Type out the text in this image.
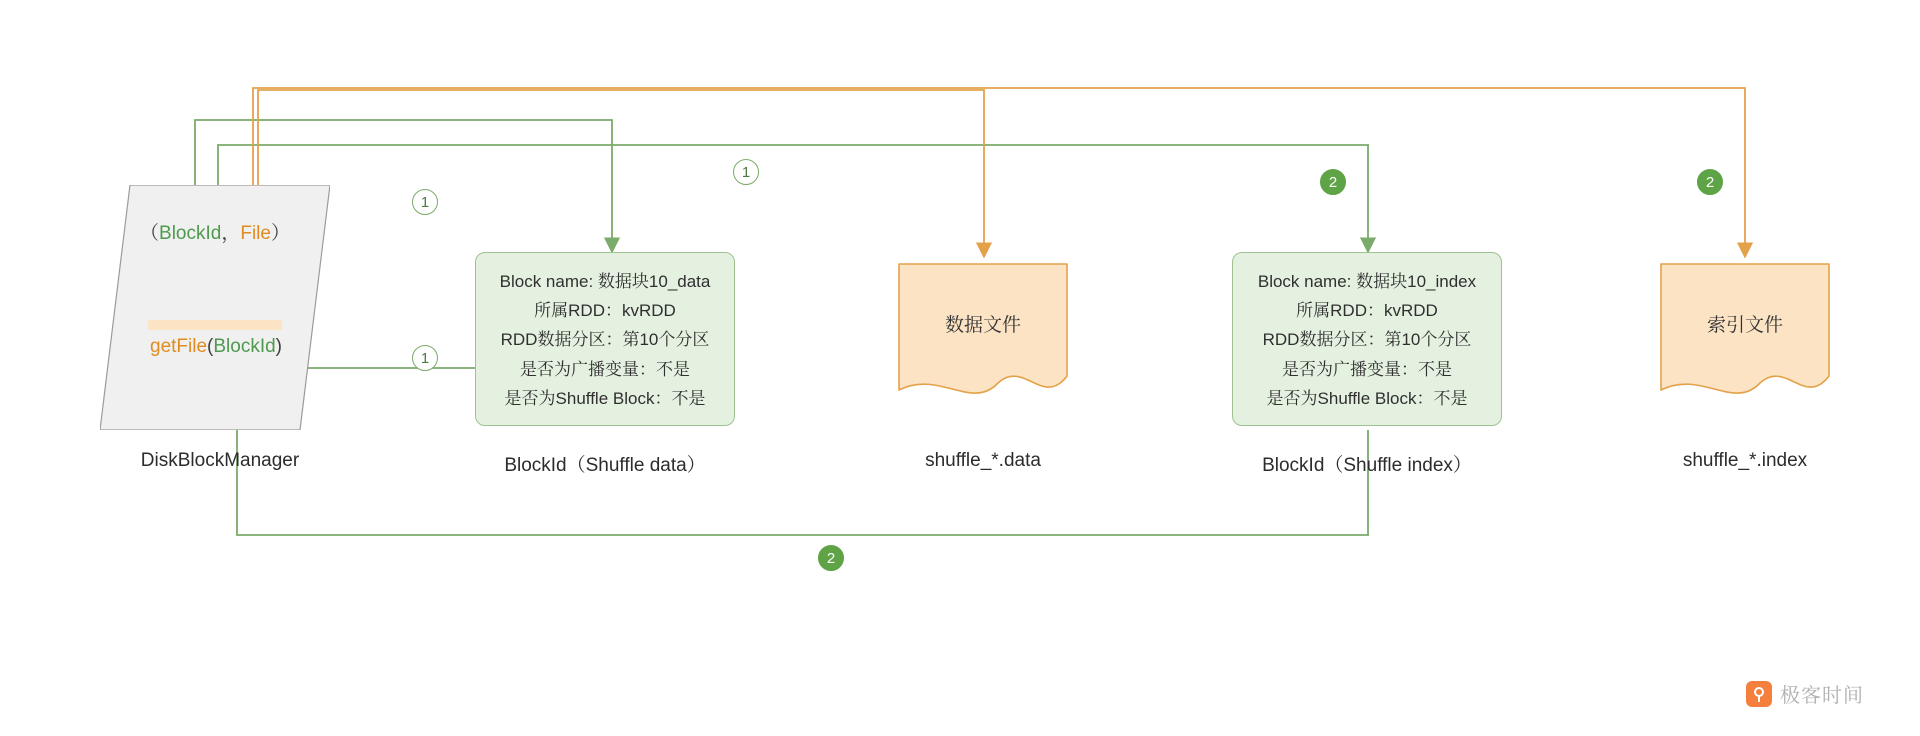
（BlockId，File）
getFile(BlockId)
DiskBlockManager
Block name: 数据块10_data
所属RDD：kvRDD
RDD数据分区：第10个分区
是否为广播变量：不是
是否为Shuffle Block：不是
BlockId（Shuffle data）
数据文件
shuffle_*.data
Block name: 数据块10_index
所属RDD：kvRDD
RDD数据分区：第10个分区
是否为广播变量：不是
是否为Shuffle Block：不是
BlockId（Shuffle index）
索引文件
shuffle_*.index
1
1
1
2	2
2
极客时间
